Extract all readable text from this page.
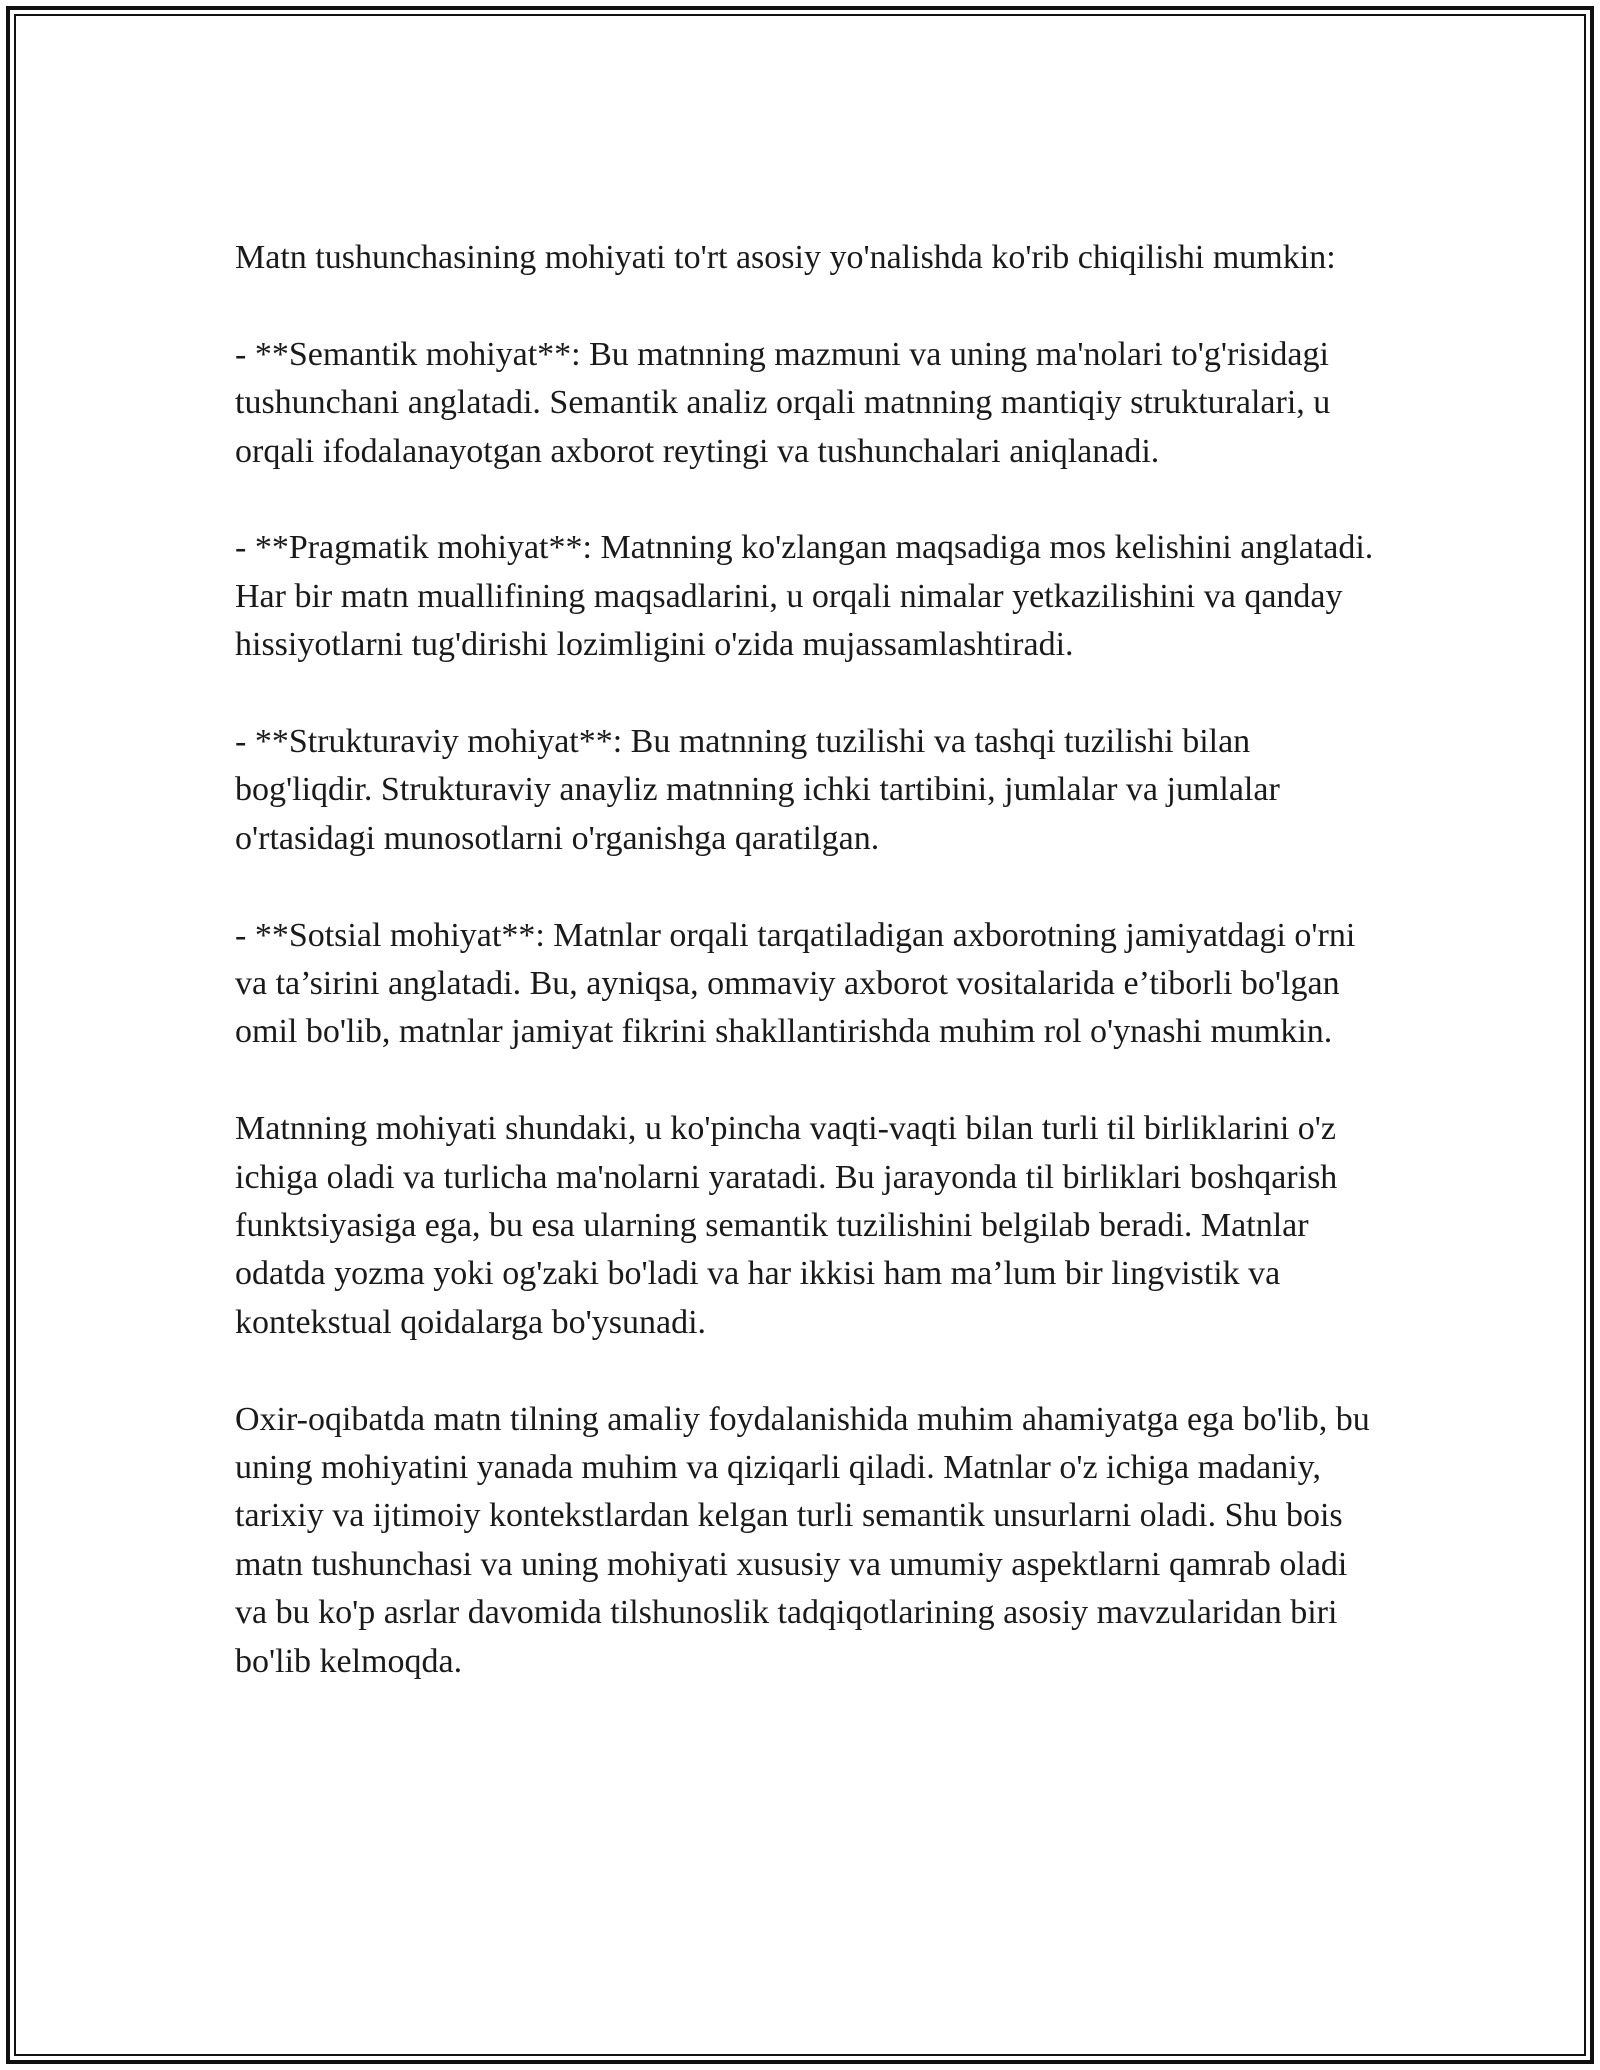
Matn tushunchasining mohiyati to'rt asosiy yo'nalishda ko'rib chiqilishi mumkin:

- **Semantik mohiyat**: Bu matnning mazmuni va uning ma'nolari to'g'risidagi tushunchani anglatadi. Semantik analiz orqali matnning mantiqiy strukturalari, u orqali ifodalanayotgan axborot reytingi va tushunchalari aniqlanadi.

- **Pragmatik mohiyat**: Matnning ko'zlangan maqsadiga mos kelishini anglatadi. Har bir matn muallifining maqsadlarini, u orqali nimalar yetkazilishini va qanday hissiyotlarni tug'dirishi lozimligini o'zida mujassamlashtiradi.

- **Strukturaviy mohiyat**: Bu matnning tuzilishi va tashqi tuzilishi bilan bog'liqdir. Strukturaviy anayliz matnning ichki tartibini, jumlalar va jumlalar o'rtasidagi munosotlarni o'rganishga qaratilgan.

- **Sotsial mohiyat**: Matnlar orqali tarqatiladigan axborotning jamiyatdagi o'rni va ta’sirini anglatadi. Bu, ayniqsa, ommaviy axborot vositalarida e’tiborli bo'lgan omil bo'lib, matnlar jamiyat fikrini shakllantirishda muhim rol o'ynashi mumkin.

Matnning mohiyati shundaki, u ko'pincha vaqti-vaqti bilan turli til birliklarini o'z ichiga oladi va turlicha ma'nolarni yaratadi. Bu jarayonda til birliklari boshqarish funktsiyasiga ega, bu esa ularning semantik tuzilishini belgilab beradi. Matnlar odatda yozma yoki og'zaki bo'ladi va har ikkisi ham ma’lum bir lingvistik va kontekstual qoidalarga bo'ysunadi.

Oxir-oqibatda matn tilning amaliy foydalanishida muhim ahamiyatga ega bo'lib, bu uning mohiyatini yanada muhim va qiziqarli qiladi. Matnlar o'z ichiga madaniy, tarixiy va ijtimoiy kontekstlardan kelgan turli semantik unsurlarni oladi. Shu bois matn tushunchasi va uning mohiyati xususiy va umumiy aspektlarni qamrab oladi va bu ko'p asrlar davomida tilshunoslik tadqiqotlarining asosiy mavzularidan biri bo'lib kelmoqda.
